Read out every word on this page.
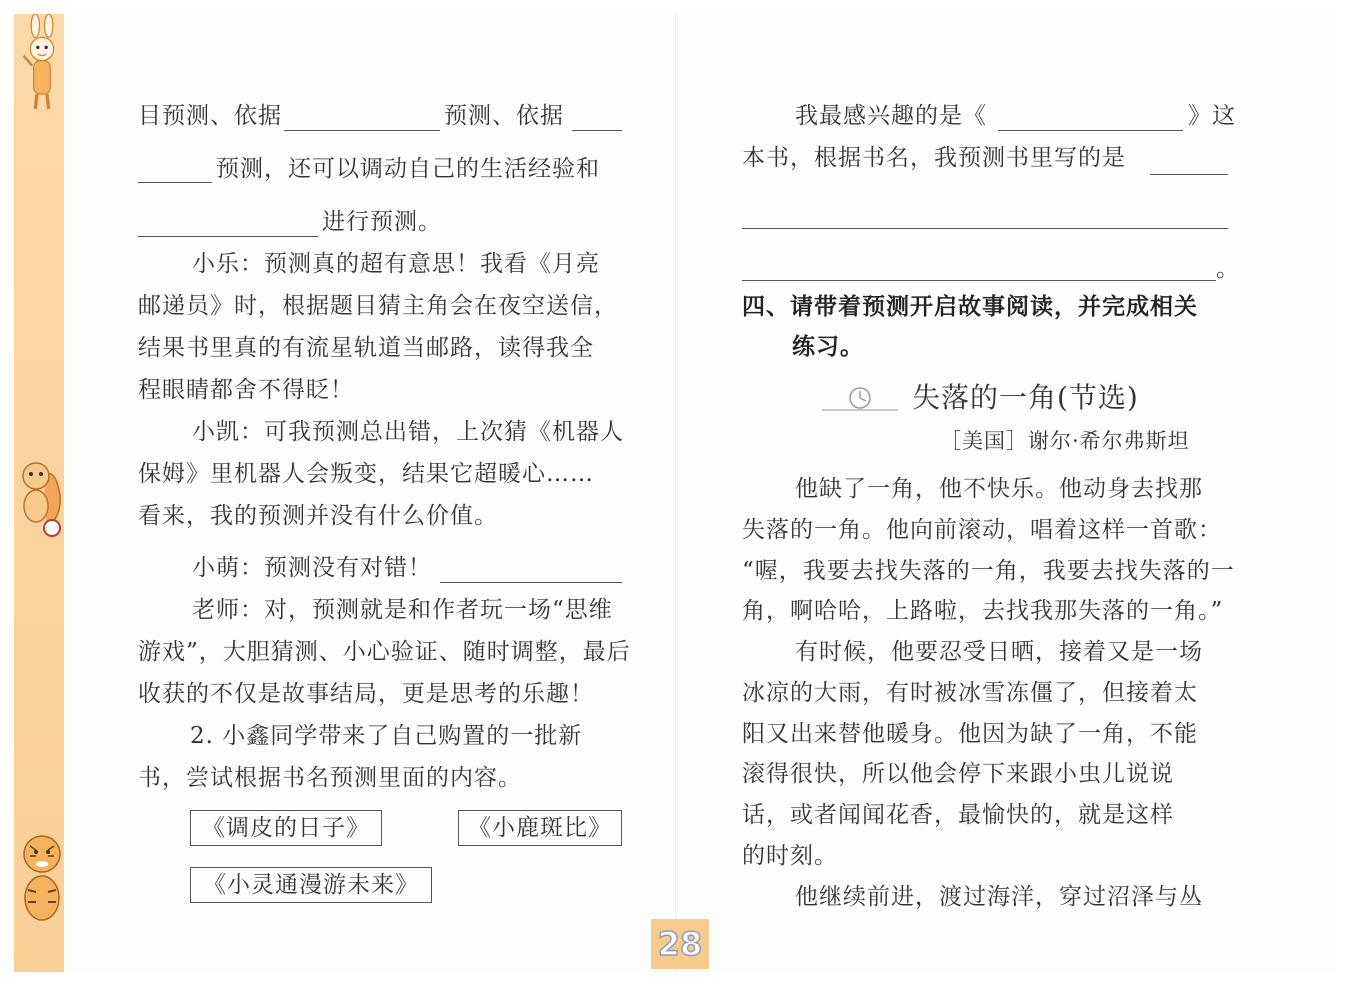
目预测、依据	预测、依据
预测，还可以调动自己的生活经验和
进行预测。
小乐：预测真的超有意思！我看《月亮
邮递员》时，根据题目猜主角会在夜空送信，
结果书里真的有流星轨道当邮路，读得我全
程眼睛都舍不得眨！
小凯：可我预测总出错，上次猜《机器人
保姆》里机器人会叛变，结果它超暖心……
看来，我的预测并没有什么价值。
小萌：预测没有对错！
老师：对，预测就是和作者玩一场“思维
游戏”，大胆猜测、小心验证、随时调整，最后
收获的不仅是故事结局，更是思考的乐趣！
2. 小鑫同学带来了自己购置的一批新
书，尝试根据书名预测里面的内容。
《调皮的日子》	《小鹿斑比》
《小灵通漫游未来》
我最感兴趣的是《	》这
本书，根据书名，我预测书里写的是
。
四、请带着预测开启故事阅读，并完成相关
练习。
失落的一角(节选)
［美国］谢尔·希尔弗斯坦
他缺了一角，他不快乐。他动身去找那
失落的一角。他向前滚动，唱着这样一首歌：
“喔，我要去找失落的一角，我要去找失落的一
角，啊哈哈，上路啦，去找我那失落的一角。”
有时候，他要忍受日晒，接着又是一场
冰凉的大雨，有时被冰雪冻僵了，但接着太
阳又出来替他暖身。他因为缺了一角，不能
滚得很快，所以他会停下来跟小虫儿说说
话，或者闻闻花香，最愉快的，就是这样
的时刻。
他继续前进，渡过海洋，穿过沼泽与丛
28
